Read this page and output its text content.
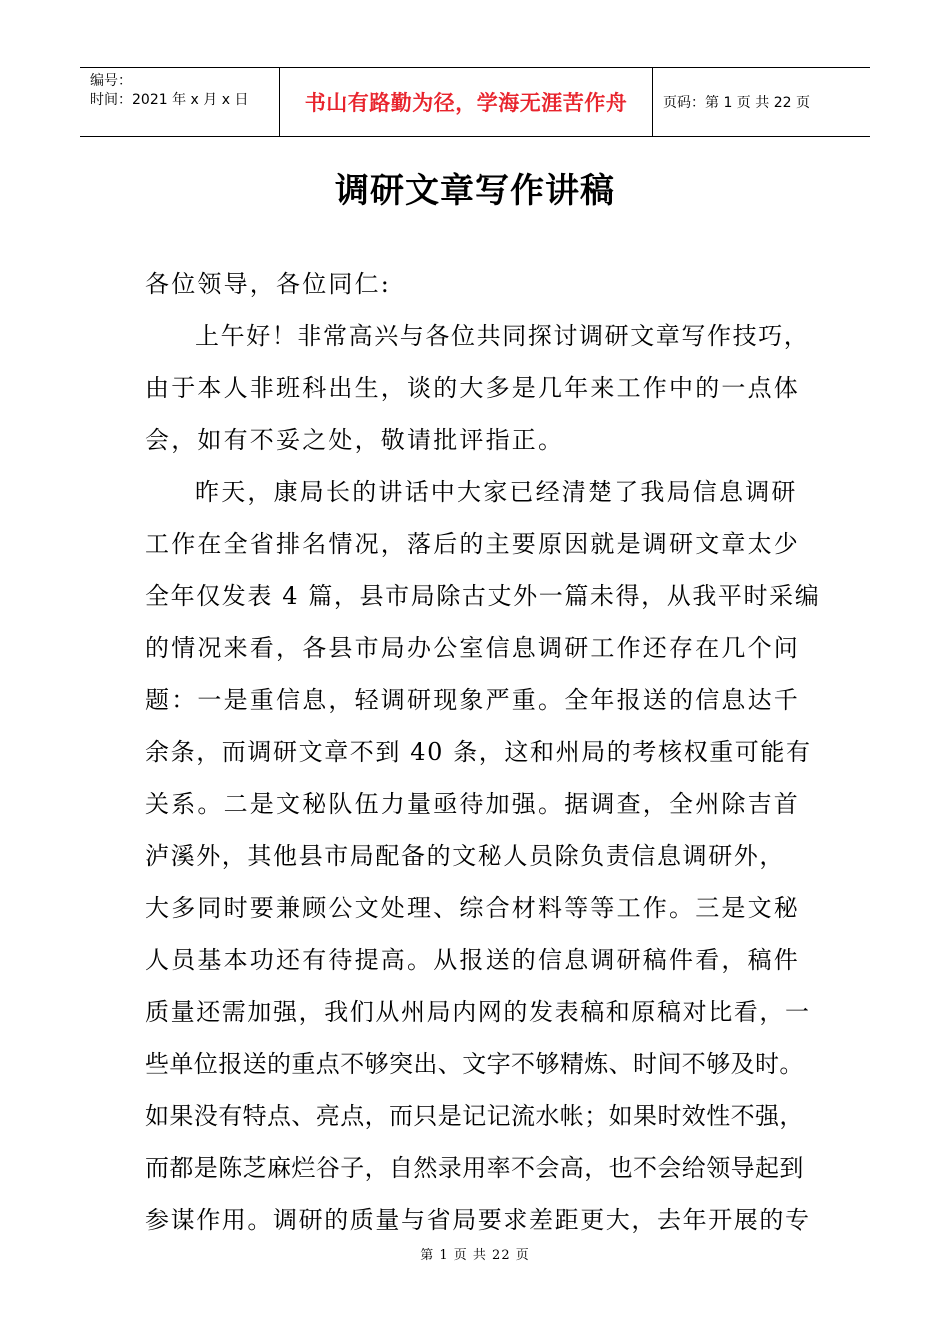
编号：
时间：2021 年 x 月 x 日	书山有路勤为径，学海无涯苦作舟	页码：第 1 页 共 22 页
调研文章写作讲稿
各位领导，各位同仁:
上午好！非常高兴与各位共同探讨调研文章写作技巧，
由于本人非班科出生，谈的大多是几年来工作中的一点体
会，如有不妥之处，敬请批评指正。
昨天，康局长的讲话中大家已经清楚了我局信息调研
工作在全省排名情况，落后的主要原因就是调研文章太少
全年仅发表 4 篇，县市局除古丈外一篇未得，从我平时采编
的情况来看，各县市局办公室信息调研工作还存在几个问
题：一是重信息，轻调研现象严重。全年报送的信息达千
余条，而调研文章不到 40 条，这和州局的考核权重可能有
关系。二是文秘队伍力量亟待加强。据调查，全州除吉首
泸溪外，其他县市局配备的文秘人员除负责信息调研外，
大多同时要兼顾公文处理、综合材料等等工作。三是文秘
人员基本功还有待提高。从报送的信息调研稿件看，稿件
质量还需加强，我们从州局内网的发表稿和原稿对比看，一
些单位报送的重点不够突出、文字不够精炼、时间不够及时。
如果没有特点、亮点，而只是记记流水帐；如果时效性不强，
而都是陈芝麻烂谷子，自然录用率不会高，也不会给领导起到
参谋作用。调研的质量与省局要求差距更大，去年开展的专
第 1 页 共 22 页
